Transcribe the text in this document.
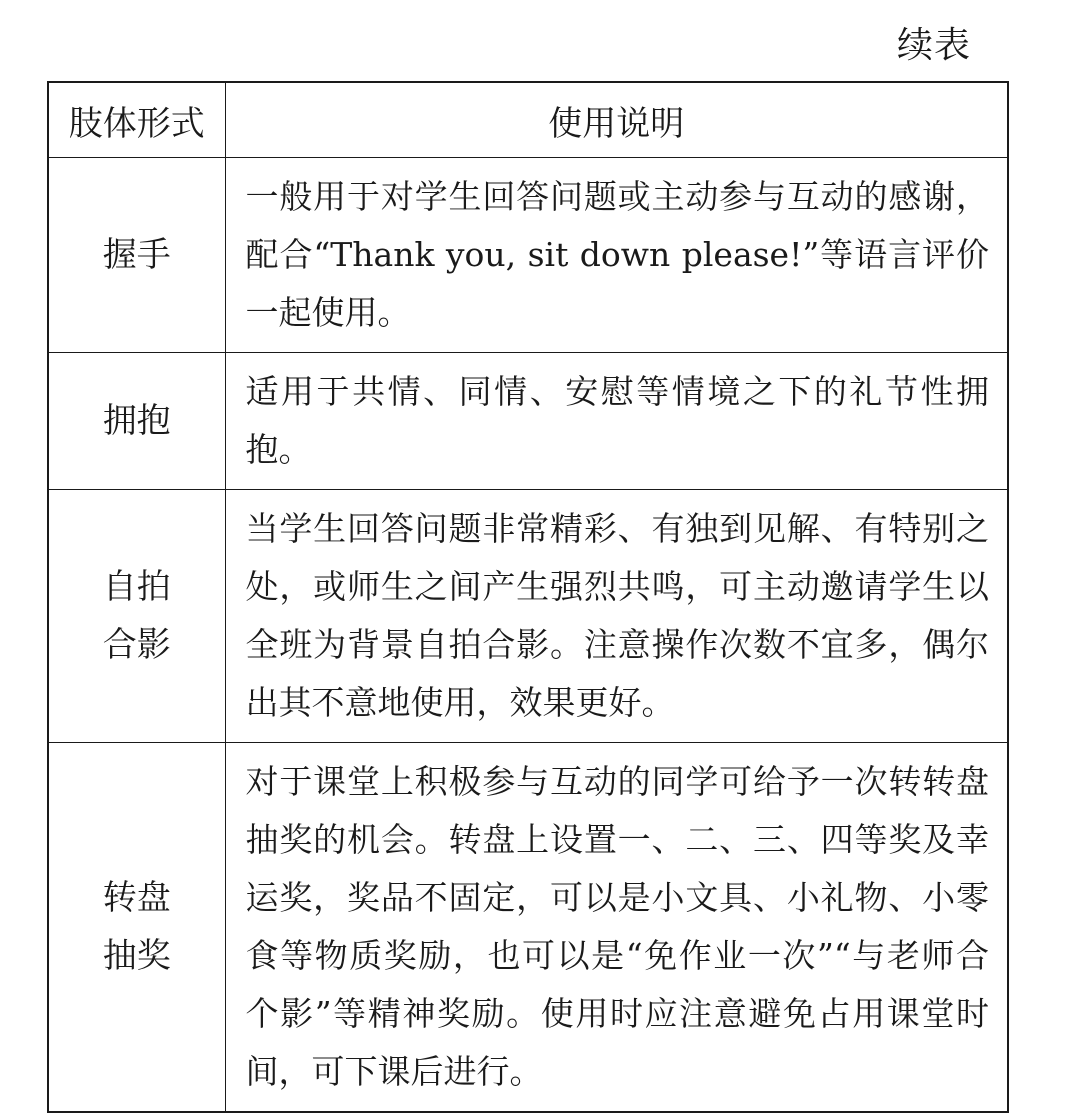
续表
肢体形式	使用说明

握手	一般用于对学生回答问题或主动参与互动的感谢，配合“Thank you, sit down please!”等语言评价一起使用。

拥抱	适用于共情、同情、安慰等情境之下的礼节性拥抱。

自拍
合影	当学生回答问题非常精彩、有独到见解、有特别之处，或师生之间产生强烈共鸣，可主动邀请学生以全班为背景自拍合影。注意操作次数不宜多，偶尔出其不意地使用，效果更好。

转盘
抽奖	对于课堂上积极参与互动的同学可给予一次转转盘抽奖的机会。转盘上设置一、二、三、四等奖及幸运奖，奖品不固定，可以是小文具、小礼物、小零食等物质奖励，也可以是“免作业一次”“与老师合个影”等精神奖励。使用时应注意避免占用课堂时间，可下课后进行。
